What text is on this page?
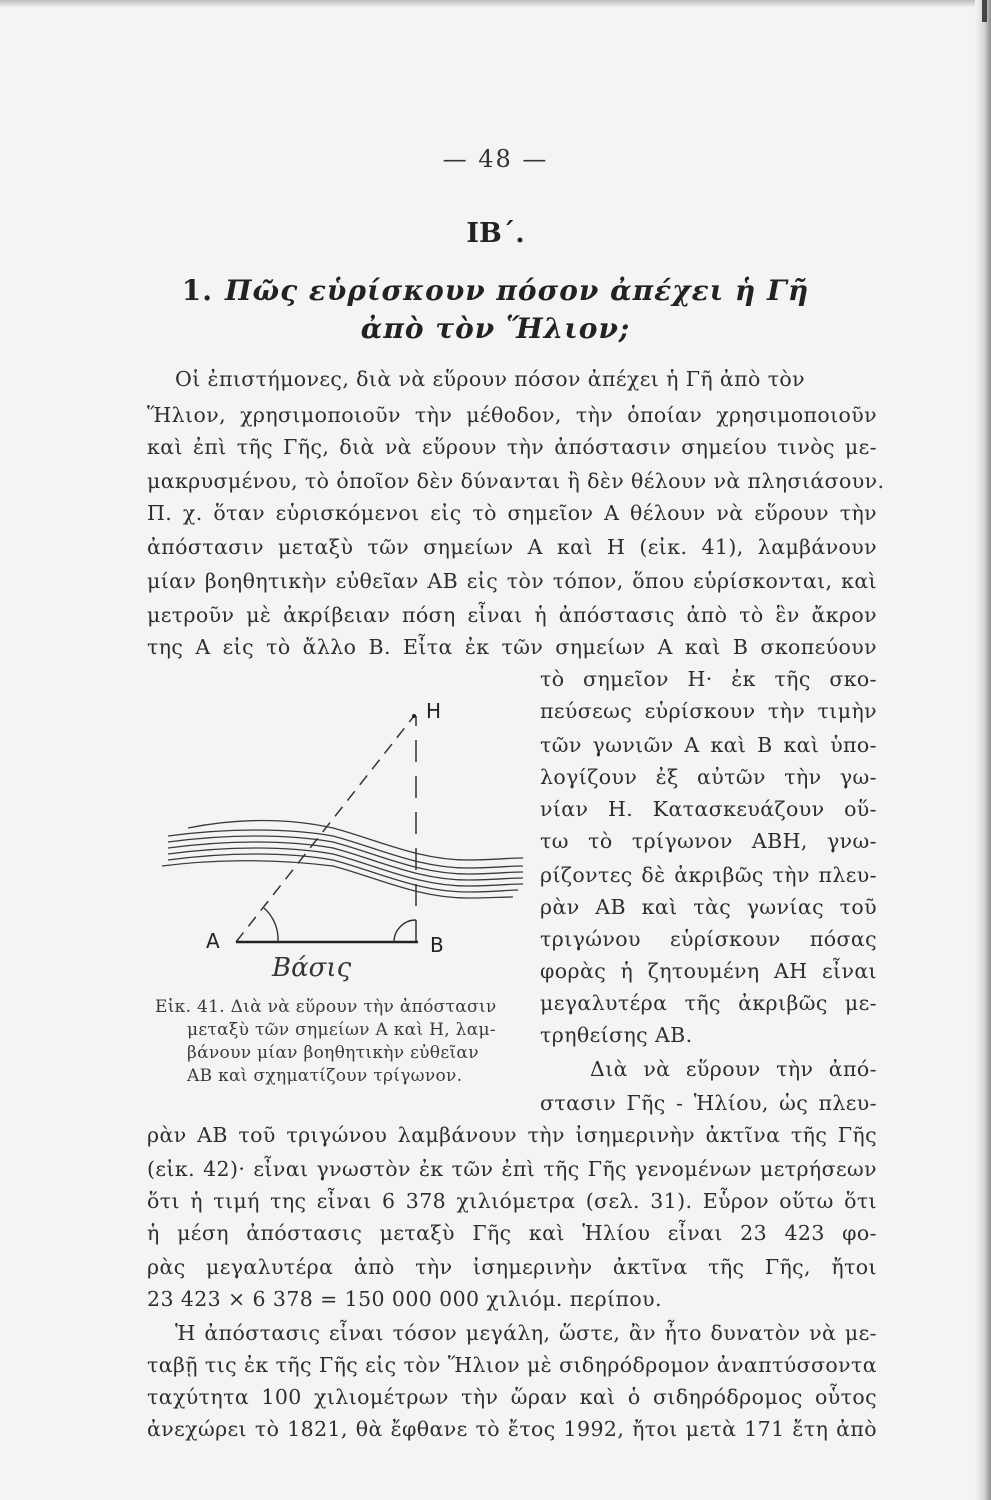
— 48 —
ΙΒ΄.
1. Πῶς εὑρίσκουν πόσον ἀπέχει ἡ Γῆ
ἀπὸ τὸν Ἥλιον;
Οἱ ἐπιστήμονες, διὰ νὰ εὕρουν πόσον ἀπέχει ἡ Γῆ ἀπὸ τὸν
Ἥλιον, χρησιμοποιοῦν τὴν μέθοδον, τὴν ὁποίαν χρησιμοποιοῦν
καὶ ἐπὶ τῆς Γῆς, διὰ νὰ εὕρουν τὴν ἀπόστασιν σημείου τινὸς με-
μακρυσμένου, τὸ ὁποῖον δὲν δύνανται ἢ δὲν θέλουν νὰ πλησιάσουν.
Π. χ. ὅταν εὑρισκόμενοι εἰς τὸ σημεῖον Α θέλουν νὰ εὕρουν τὴν
ἀπόστασιν μεταξὺ τῶν σημείων Α καὶ Η (εἰκ. 41), λαμβάνουν
μίαν βοηθητικὴν εὐθεῖαν ΑΒ εἰς τὸν τόπον, ὅπου εὑρίσκονται, καὶ
μετροῦν μὲ ἀκρίβειαν πόση εἶναι ἡ ἀπόστασις ἀπὸ τὸ ἓν ἄκρον
της Α εἰς τὸ ἄλλο Β. Εἶτα ἐκ τῶν σημείων Α καὶ Β σκοπεύουν
τὸ σημεῖον Η· ἐκ τῆς σκο-
πεύσεως εὑρίσκουν τὴν τιμὴν
τῶν γωνιῶν Α καὶ Β καὶ ὑπο-
λογίζουν ἐξ αὐτῶν τὴν γω-
νίαν Η. Κατασκευάζουν οὕ-
τω τὸ τρίγωνον ΑΒΗ, γνω-
ρίζοντες δὲ ἀκριβῶς τὴν πλευ-
ρὰν ΑΒ καὶ τὰς γωνίας τοῦ
τριγώνου εὑρίσκουν πόσας
φορὰς ἡ ζητουμένη ΑΗ εἶναι
μεγαλυτέρα τῆς ἀκριβῶς με-
τρηθείσης ΑΒ.
Διὰ νὰ εὕρουν τὴν ἀπό-
στασιν Γῆς - Ἡλίου, ὡς πλευ-
Η
Α	Β
Βάσις
Εἰκ. 41. Διὰ νὰ εὕρουν τὴν ἀπόστασιν
μεταξὺ τῶν σημείων Α καὶ Η, λαμ-
βάνουν μίαν βοηθητικὴν εὐθεῖαν
ΑΒ καὶ σχηματίζουν τρίγωνον.
ρὰν ΑΒ τοῦ τριγώνου λαμβάνουν τὴν ἰσημερινὴν ἀκτῖνα τῆς Γῆς
(εἰκ. 42)· εἶναι γνωστὸν ἐκ τῶν ἐπὶ τῆς Γῆς γενομένων μετρήσεων
ὅτι ἡ τιμή της εἶναι 6 378 χιλιόμετρα (σελ. 31). Εὗρον οὕτω ὅτι
ἡ μέση ἀπόστασις μεταξὺ Γῆς καὶ Ἡλίου εἶναι 23 423 φο-
ρὰς μεγαλυτέρα ἀπὸ τὴν ἰσημερινὴν ἀκτῖνα τῆς Γῆς, ἤτοι
23 423 × 6 378 = 150 000 000 χιλιόμ. περίπου.
Ἡ ἀπόστασις εἶναι τόσον μεγάλη, ὥστε, ἂν ἦτο δυνατὸν νὰ με-
ταβῇ τις ἐκ τῆς Γῆς εἰς τὸν Ἥλιον μὲ σιδηρόδρομον ἀναπτύσσοντα
ταχύτητα 100 χιλιομέτρων τὴν ὥραν καὶ ὁ σιδηρόδρομος οὗτος
ἀνεχώρει τὸ 1821, θὰ ἔφθανε τὸ ἔτος 1992, ἤτοι μετὰ 171 ἔτη ἀπὸ
